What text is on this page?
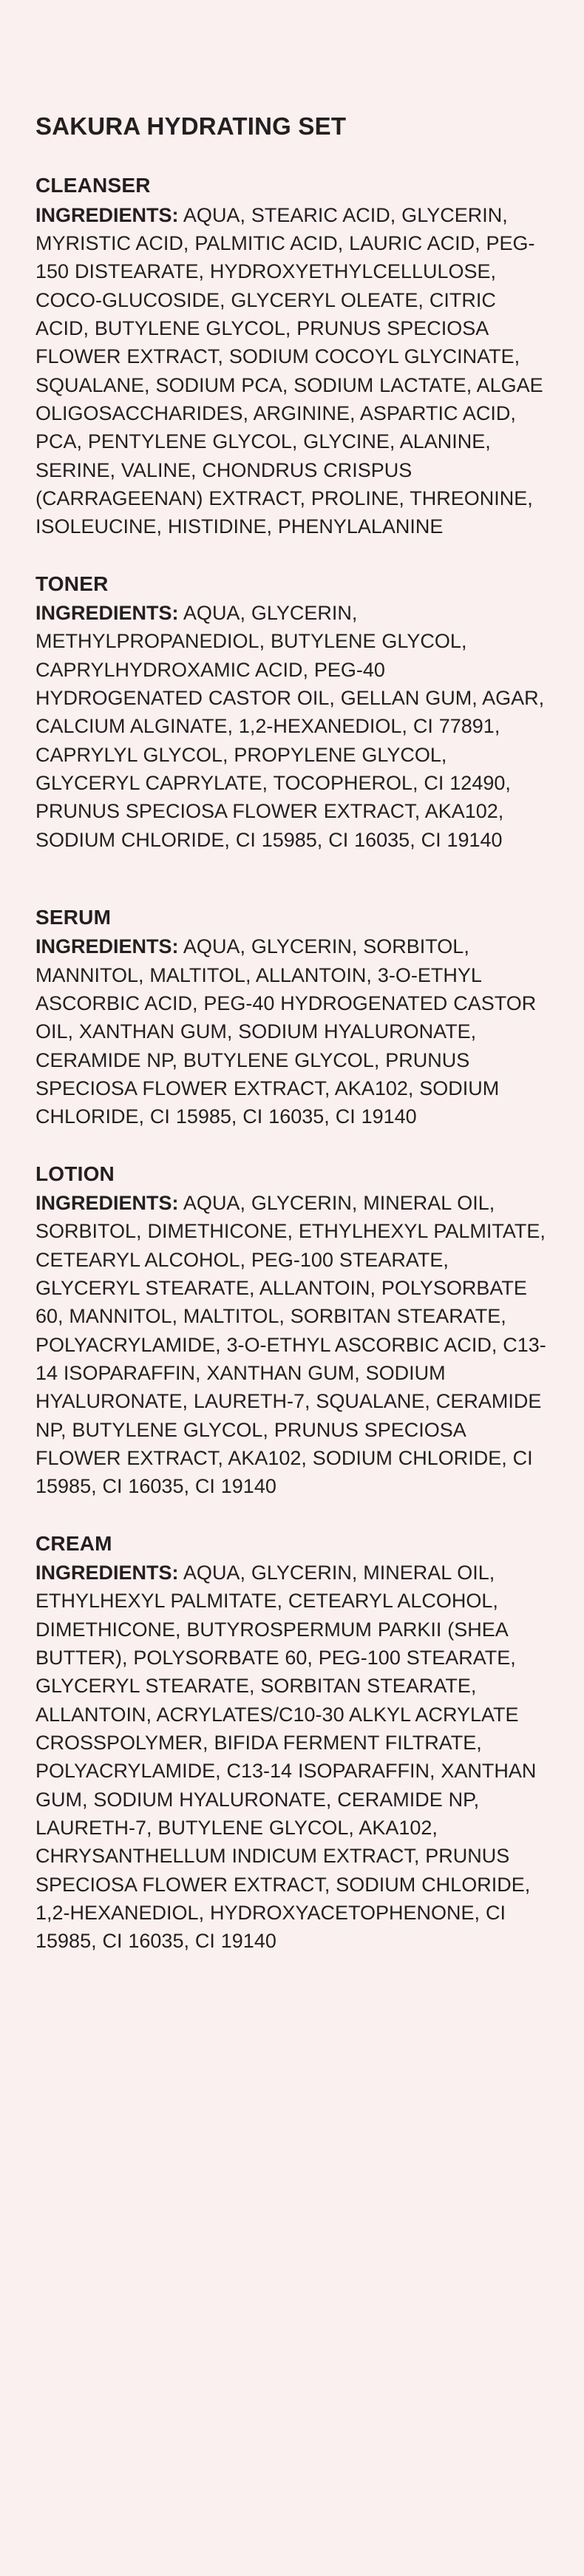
SAKURA HYDRATING SET
CLEANSER

INGREDIENTS: AQUA, STEARIC ACID, GLYCERIN, MYRISTIC ACID, PALMITIC ACID, LAURIC ACID, PEG-150 DISTEARATE, HYDROXYETHYLCELLULOSE, COCO-GLUCOSIDE, GLYCERYL OLEATE, CITRIC ACID, BUTYLENE GLYCOL, PRUNUS SPECIOSA FLOWER EXTRACT, SODIUM COCOYL GLYCINATE, SQUALANE, SODIUM PCA, SODIUM LACTATE, ALGAE OLIGOSACCHARIDES, ARGININE, ASPARTIC ACID, PCA, PENTYLENE GLYCOL, GLYCINE, ALANINE, SERINE, VALINE, CHONDRUS CRISPUS (CARRAGEENAN) EXTRACT, PROLINE, THREONINE, ISOLEUCINE, HISTIDINE, PHENYLALANINE

TONER

INGREDIENTS: AQUA, GLYCERIN, METHYLPROPANEDIOL, BUTYLENE GLYCOL, CAPRYLHYDROXAMIC ACID, PEG-40 HYDROGENATED CASTOR OIL, GELLAN GUM, AGAR, CALCIUM ALGINATE, 1,2-HEXANEDIOL, CI 77891, CAPRYLYL GLYCOL, PROPYLENE GLYCOL, GLYCERYL CAPRYLATE, TOCOPHEROL, CI 12490, PRUNUS SPECIOSA FLOWER EXTRACT, AKA102, SODIUM CHLORIDE, CI 15985, CI 16035, CI 19140

SERUM

INGREDIENTS: AQUA, GLYCERIN, SORBITOL, MANNITOL, MALTITOL, ALLANTOIN, 3-O-ETHYL ASCORBIC ACID, PEG-40 HYDROGENATED CASTOR OIL, XANTHAN GUM, SODIUM HYALURONATE, CERAMIDE NP, BUTYLENE GLYCOL, PRUNUS SPECIOSA FLOWER EXTRACT, AKA102, SODIUM CHLORIDE, CI 15985, CI 16035, CI 19140

LOTION

INGREDIENTS: AQUA, GLYCERIN, MINERAL OIL, SORBITOL, DIMETHICONE, ETHYLHEXYL PALMITATE, CETEARYL ALCOHOL, PEG-100 STEARATE, GLYCERYL STEARATE, ALLANTOIN, POLYSORBATE 60, MANNITOL, MALTITOL, SORBITAN STEARATE, POLYACRYLAMIDE, 3-O-ETHYL ASCORBIC ACID, C13-14 ISOPARAFFIN, XANTHAN GUM, SODIUM HYALURONATE, LAURETH-7, SQUALANE, CERAMIDE NP, BUTYLENE GLYCOL, PRUNUS SPECIOSA FLOWER EXTRACT, AKA102, SODIUM CHLORIDE, CI 15985, CI 16035, CI 19140

CREAM

INGREDIENTS: AQUA, GLYCERIN, MINERAL OIL, ETHYLHEXYL PALMITATE, CETEARYL ALCOHOL, DIMETHICONE, BUTYROSPERMUM PARKII (SHEA BUTTER), POLYSORBATE 60, PEG-100 STEARATE, GLYCERYL STEARATE, SORBITAN STEARATE, ALLANTOIN, ACRYLATES/C10-30 ALKYL ACRYLATE CROSSPOLYMER, BIFIDA FERMENT FILTRATE, POLYACRYLAMIDE, C13-14 ISOPARAFFIN, XANTHAN GUM, SODIUM HYALURONATE, CERAMIDE NP, LAURETH-7, BUTYLENE GLYCOL, AKA102, CHRYSANTHELLUM INDICUM EXTRACT, PRUNUS SPECIOSA FLOWER EXTRACT, SODIUM CHLORIDE, 1,2-HEXANEDIOL, HYDROXYACETOPHENONE, CI 15985, CI 16035, CI 19140
